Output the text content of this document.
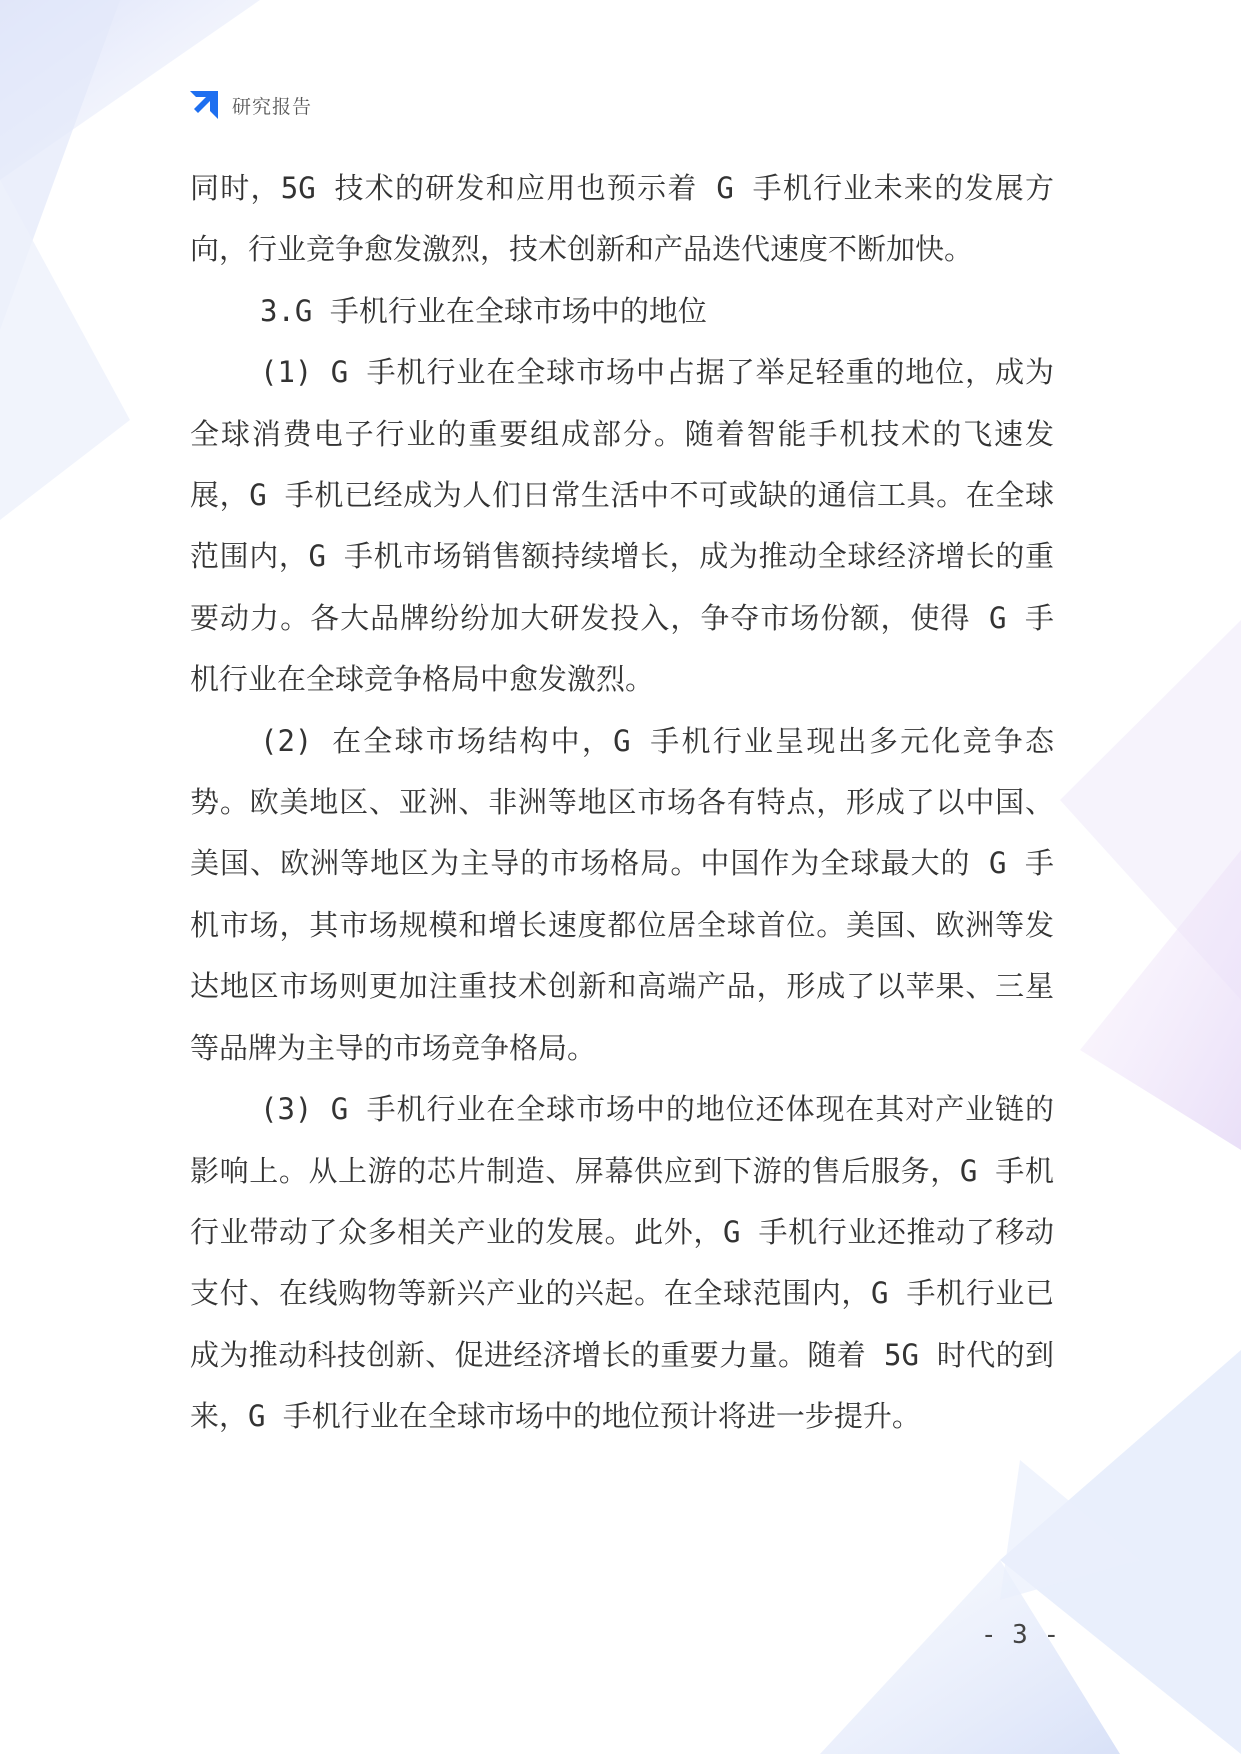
研究报告

同时，5G 技术的研发和应用也预示着 G 手机行业未来的发展方向，行业竞争愈发激烈，技术创新和产品迭代速度不断加快。

3.G 手机行业在全球市场中的地位

(1) G 手机行业在全球市场中占据了举足轻重的地位，成为全球消费电子行业的重要组成部分。随着智能手机技术的飞速发展，G 手机已经成为人们日常生活中不可或缺的通信工具。在全球范围内，G 手机市场销售额持续增长，成为推动全球经济增长的重要动力。各大品牌纷纷加大研发投入，争夺市场份额，使得 G 手机行业在全球竞争格局中愈发激烈。

(2) 在全球市场结构中，G 手机行业呈现出多元化竞争态势。欧美地区、亚洲、非洲等地区市场各有特点，形成了以中国、美国、欧洲等地区为主导的市场格局。中国作为全球最大的 G 手机市场，其市场规模和增长速度都位居全球首位。美国、欧洲等发达地区市场则更加注重技术创新和高端产品，形成了以苹果、三星等品牌为主导的市场竞争格局。

(3) G 手机行业在全球市场中的地位还体现在其对产业链的影响上。从上游的芯片制造、屏幕供应到下游的售后服务，G 手机行业带动了众多相关产业的发展。此外，G 手机行业还推动了移动支付、在线购物等新兴产业的兴起。在全球范围内，G 手机行业已成为推动科技创新、促进经济增长的重要力量。随着 5G 时代的到来，G 手机行业在全球市场中的地位预计将进一步提升。

- 3 -
